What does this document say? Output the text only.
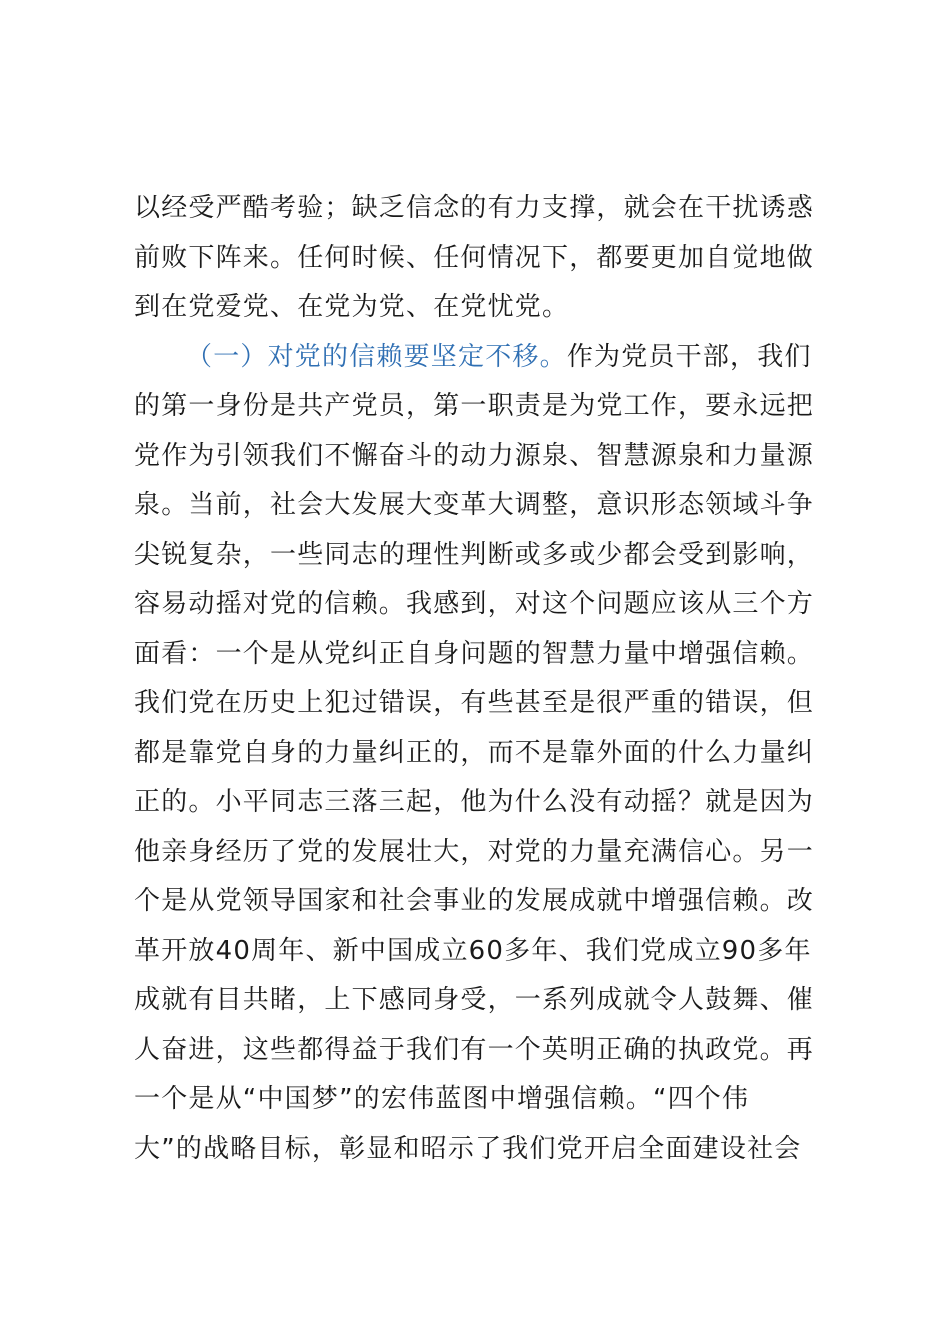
以经受严酷考验；缺乏信念的有力支撑，就会在干扰诱惑
前败下阵来。任何时候、任何情况下，都要更加自觉地做
到在党爱党、在党为党、在党忧党。
（一）对党的信赖要坚定不移。作为党员干部，我们
的第一身份是共产党员，第一职责是为党工作，要永远把
党作为引领我们不懈奋斗的动力源泉、智慧源泉和力量源
泉。当前，社会大发展大变革大调整，意识形态领域斗争
尖锐复杂，一些同志的理性判断或多或少都会受到影响，
容易动摇对党的信赖。我感到，对这个问题应该从三个方
面看：一个是从党纠正自身问题的智慧力量中增强信赖。
我们党在历史上犯过错误，有些甚至是很严重的错误，但
都是靠党自身的力量纠正的，而不是靠外面的什么力量纠
正的。小平同志三落三起，他为什么没有动摇？就是因为
他亲身经历了党的发展壮大，对党的力量充满信心。另一
个是从党领导国家和社会事业的发展成就中增强信赖。改
革开放40周年、新中国成立60多年、我们党成立90多年
成就有目共睹，上下感同身受，一系列成就令人鼓舞、催
人奋进，这些都得益于我们有一个英明正确的执政党。再
一个是从“中国梦”的宏伟蓝图中增强信赖。“四个伟
大”的战略目标，彰显和昭示了我们党开启全面建设社会
